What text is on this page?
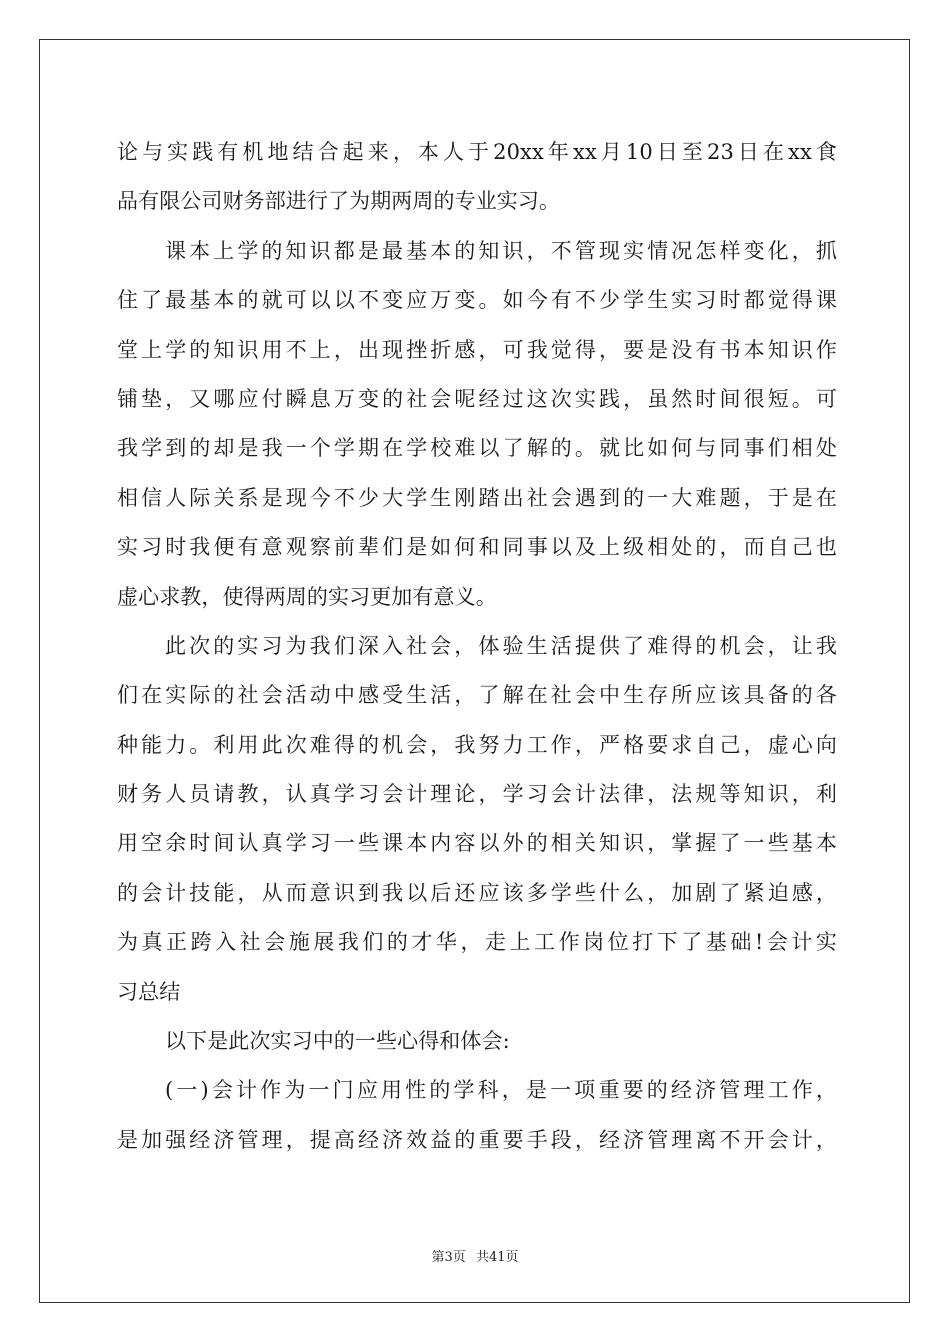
论与实践有机地结合起来，本人于20xx年xx月10日至23日在xx食
品有限公司财务部进行了为期两周的专业实习。
课本上学的知识都是最基本的知识，不管现实情况怎样变化，抓
住了最基本的就可以以不变应万变。如今有不少学生实习时都觉得课
堂上学的知识用不上，出现挫折感，可我觉得，要是没有书本知识作
铺垫，又哪应付瞬息万变的社会呢经过这次实践，虽然时间很短。可
我学到的却是我一个学期在学校难以了解的。就比如何与同事们相处
相信人际关系是现今不少大学生刚踏出社会遇到的一大难题，于是在
实习时我便有意观察前辈们是如何和同事以及上级相处的，而自己也
虚心求教，使得两周的实习更加有意义。
此次的实习为我们深入社会，体验生活提供了难得的机会，让我
们在实际的社会活动中感受生活，了解在社会中生存所应该具备的各
种能力。利用此次难得的机会，我努力工作，严格要求自己，虚心向
财务人员请教，认真学习会计理论，学习会计法律，法规等知识，利
用空余时间认真学习一些课本内容以外的相关知识，掌握了一些基本
的会计技能，从而意识到我以后还应该多学些什么，加剧了紧迫感，
为真正跨入社会施展我们的才华，走上工作岗位打下了基础!会计实
习总结
以下是此次实习中的一些心得和体会:
(一)会计作为一门应用性的学科，是一项重要的经济管理工作，
是加强经济管理，提高经济效益的重要手段，经济管理离不开会计，
第3页 共41页
